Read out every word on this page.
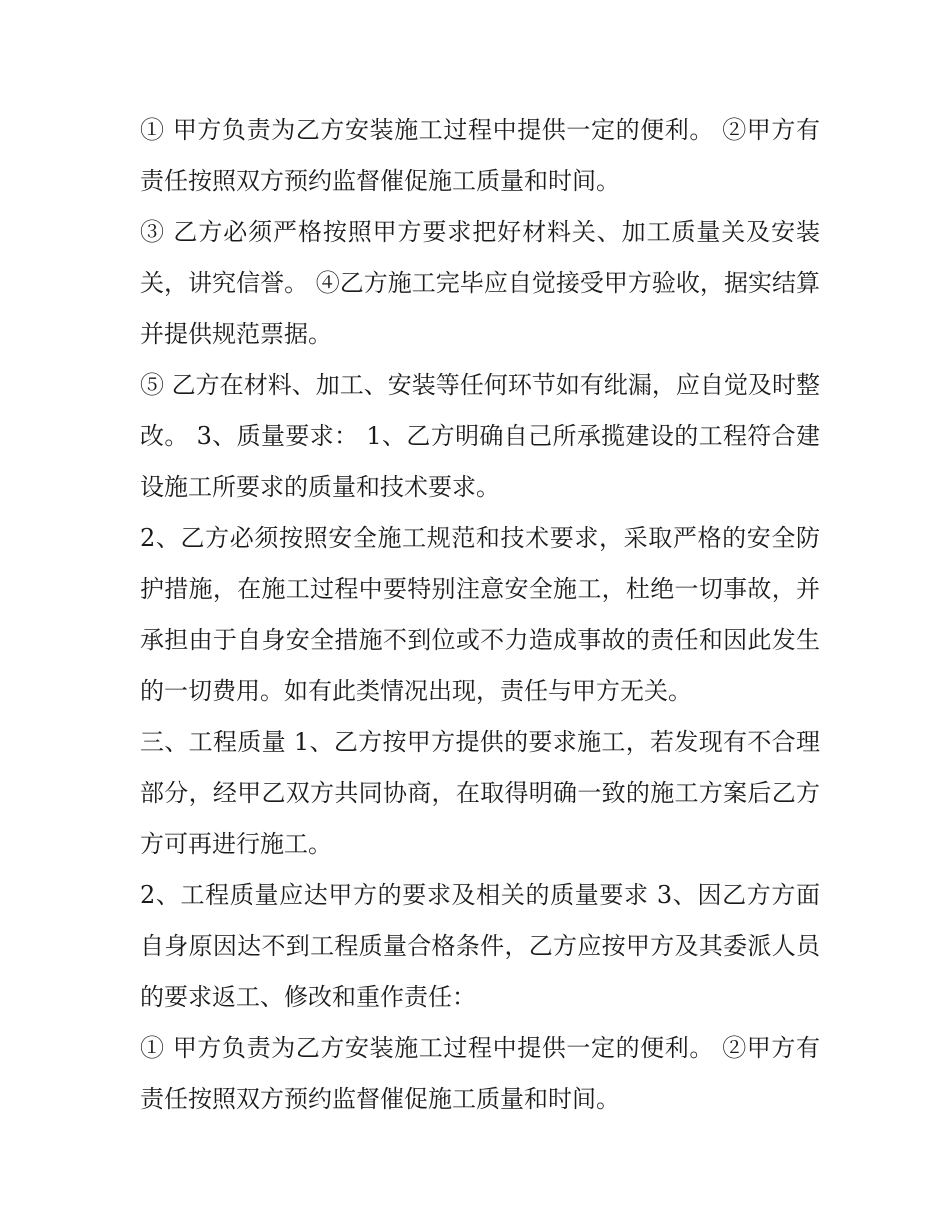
① 甲方负责为乙方安装施工过程中提供一定的便利。 ②甲方有责任按照双方预约监督催促施工质量和时间。

③ 乙方必须严格按照甲方要求把好材料关、加工质量关及安装关，讲究信誉。 ④乙方施工完毕应自觉接受甲方验收，据实结算并提供规范票据。

⑤ 乙方在材料、加工、安装等任何环节如有纰漏，应自觉及时整改。 3、质量要求： 1、乙方明确自己所承揽建设的工程符合建设施工所要求的质量和技术要求。

2、乙方必须按照安全施工规范和技术要求，采取严格的安全防护措施，在施工过程中要特别注意安全施工，杜绝一切事故，并承担由于自身安全措施不到位或不力造成事故的责任和因此发生的一切费用。如有此类情况出现，责任与甲方无关。

三、工程质量 1、乙方按甲方提供的要求施工，若发现有不合理部分，经甲乙双方共同协商，在取得明确一致的施工方案后乙方方可再进行施工。

2、工程质量应达甲方的要求及相关的质量要求 3、因乙方方面自身原因达不到工程质量合格条件，乙方应按甲方及其委派人员的要求返工、修改和重作责任：

① 甲方负责为乙方安装施工过程中提供一定的便利。 ②甲方有责任按照双方预约监督催促施工质量和时间。
